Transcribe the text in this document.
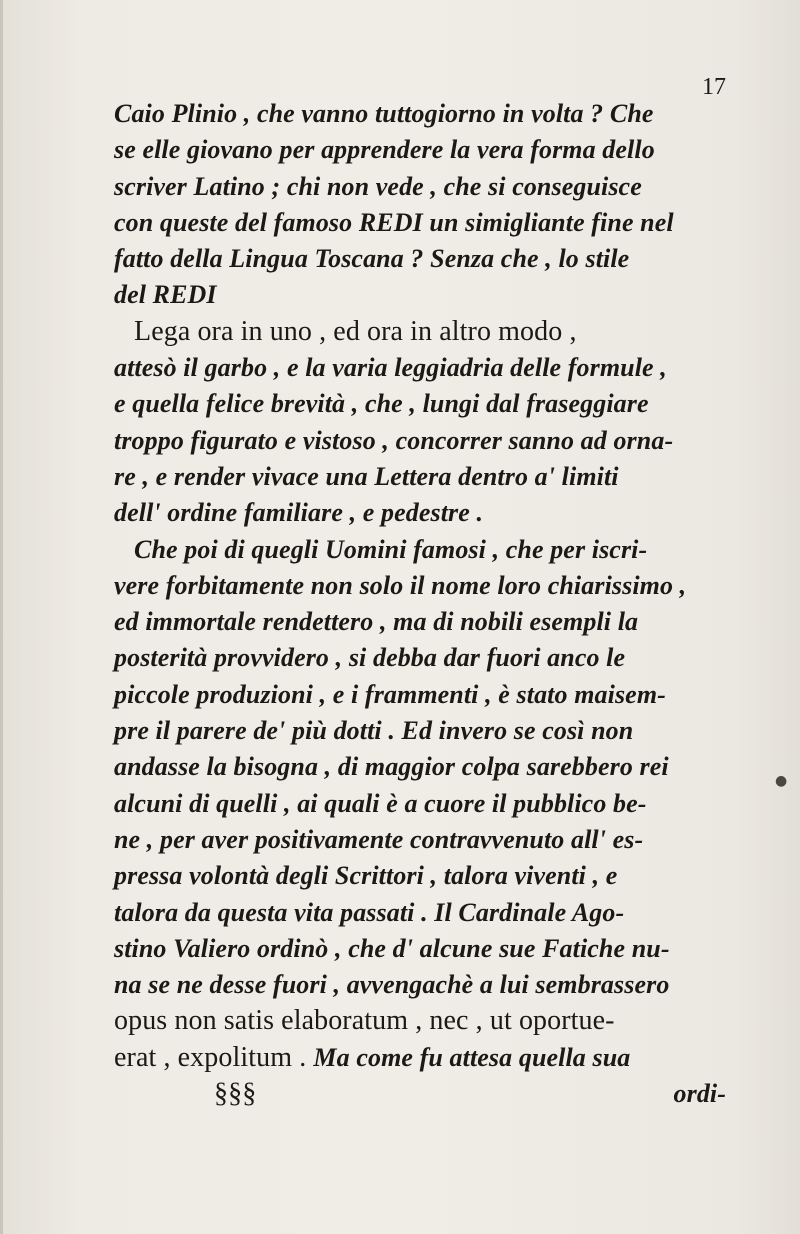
17
Caio Plinio , che vanno tuttogiorno in volta ? Che
se elle giovano per apprendere la vera forma dello
scriver Latino ; chi non vede , che si conseguisce
con queste del famoso REDI un simigliante fine nel
fatto della Lingua Toscana ? Senza che , lo stile
del REDI
Lega ora in uno , ed ora in altro modo ,
attesò il garbo , e la varia leggiadria delle formule ,
e quella felice brevità , che , lungi dal fraseggiare
troppo figurato e vistoso , concorrer sanno ad orna-
re , e render vivace una Lettera dentro a' limiti
dell' ordine familiare , e pedestre .
Che poi di quegli Uomini famosi , che per iscri-
vere forbitamente non solo il nome loro chiarissimo ,
ed immortale rendettero , ma di nobili esempli la
posterità provvidero , si debba dar fuori anco le
piccole produzioni , e i frammenti , è stato maisem-
pre il parere de' più dotti . Ed invero se così non
andasse la bisogna , di maggior colpa sarebbero rei
alcuni di quelli , ai quali è a cuore il pubblico be-
ne , per aver positivamente contravvenuto all' es-
pressa volontà degli Scrittori , talora viventi , e
talora da questa vita passati . Il Cardinale Ago-
stino Valiero ordinò , che d' alcune sue Fatiche nu-
na se ne desse fuori , avvengachè a lui sembrassero
opus non satis elaboratum , nec , ut oportue-
erat , expolitum . Ma come fu attesa quella sua
§§§	ordi-
●
